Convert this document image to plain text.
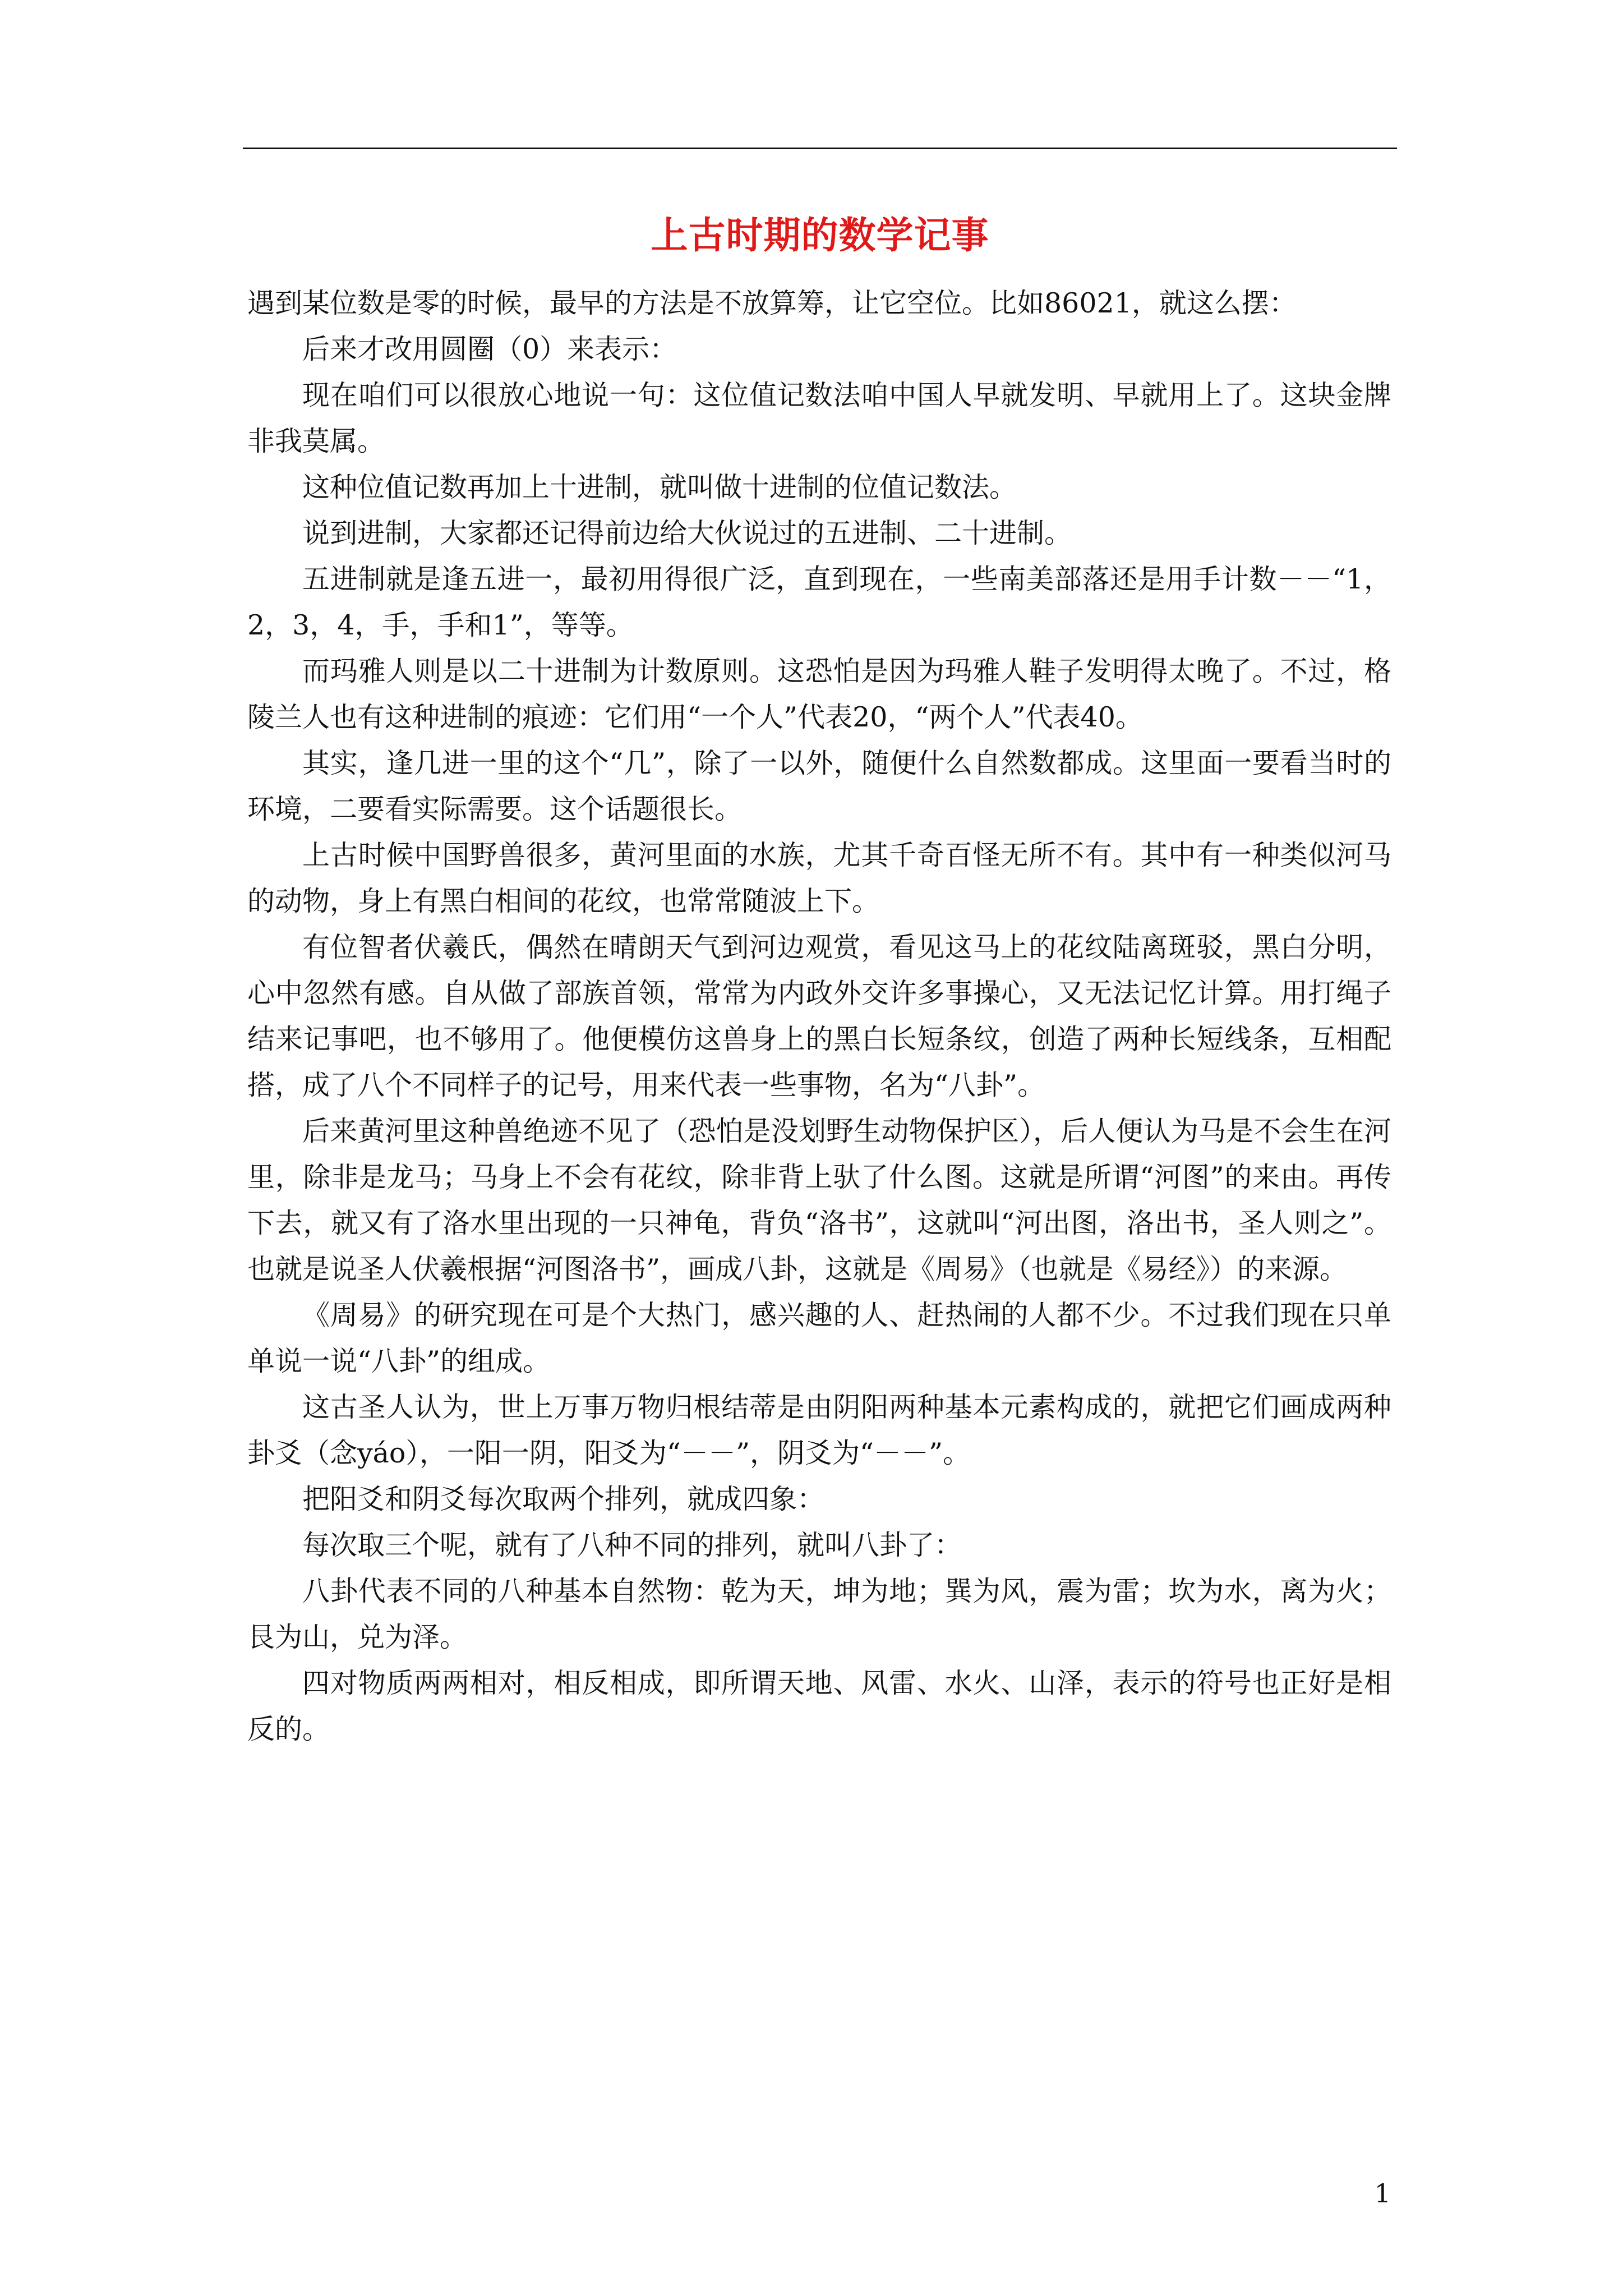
上古时期的数学记事

遇到某位数是零的时候，最早的方法是不放算筹，让它空位。比如86021，就这么摆：

后来才改用圆圈（0）来表示：

现在咱们可以很放心地说一句：这位值记数法咱中国人早就发明、早就用上了。这块金牌非我莫属。

这种位值记数再加上十进制，就叫做十进制的位值记数法。

说到进制，大家都还记得前边给大伙说过的五进制、二十进制。

五进制就是逢五进一，最初用得很广泛，直到现在，一些南美部落还是用手计数－－“1，2，3，4，手，手和1”，等等。

而玛雅人则是以二十进制为计数原则。这恐怕是因为玛雅人鞋子发明得太晚了。不过，格陵兰人也有这种进制的痕迹：它们用“一个人”代表20，“两个人”代表40。

其实，逢几进一里的这个“几”，除了一以外，随便什么自然数都成。这里面一要看当时的环境，二要看实际需要。这个话题很长。

上古时候中国野兽很多，黄河里面的水族，尤其千奇百怪无所不有。其中有一种类似河马的动物，身上有黑白相间的花纹，也常常随波上下。

有位智者伏羲氏，偶然在晴朗天气到河边观赏，看见这马上的花纹陆离斑驳，黑白分明，心中忽然有感。自从做了部族首领，常常为内政外交许多事操心，又无法记忆计算。用打绳子结来记事吧，也不够用了。他便模仿这兽身上的黑白长短条纹，创造了两种长短线条，互相配搭，成了八个不同样子的记号，用来代表一些事物，名为“八卦”。

后来黄河里这种兽绝迹不见了（恐怕是没划野生动物保护区），后人便认为马是不会生在河里，除非是龙马；马身上不会有花纹，除非背上驮了什么图。这就是所谓“河图”的来由。再传下去，就又有了洛水里出现的一只神龟，背负“洛书”，这就叫“河出图，洛出书，圣人则之”。也就是说圣人伏羲根据“河图洛书”，画成八卦，这就是《周易》（也就是《易经》）的来源。

《周易》的研究现在可是个大热门，感兴趣的人、赶热闹的人都不少。不过我们现在只单单说一说“八卦”的组成。

这古圣人认为，世上万事万物归根结蒂是由阴阳两种基本元素构成的，就把它们画成两种卦爻（念yáo），一阳一阴，阳爻为“－－”，阴爻为“－－”。

把阳爻和阴爻每次取两个排列，就成四象：

每次取三个呢，就有了八种不同的排列，就叫八卦了：

八卦代表不同的八种基本自然物：乾为天，坤为地；巽为风，震为雷；坎为水，离为火；艮为山，兑为泽。

四对物质两两相对，相反相成，即所谓天地、风雷、水火、山泽，表示的符号也正好是相反的。

1
